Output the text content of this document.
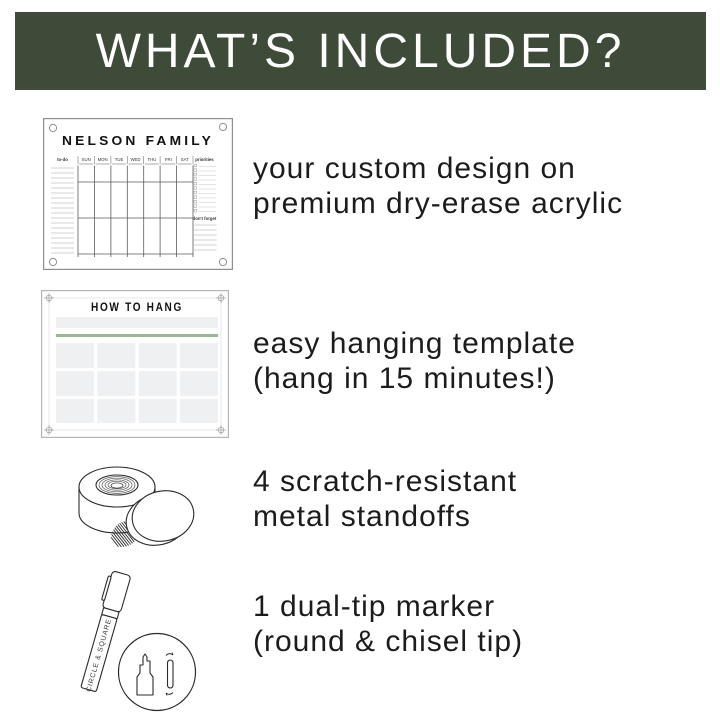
WHAT’S INCLUDED?
NELSON FAMILY
to-do	SUN MON TUE WED THU FRI SAT priorities
don't forget
HOW TO HANG
CIRCLE & SQUARE
your custom design on
premium dry-erase acrylic
easy hanging template
(hang in 15 minutes!)
4 scratch-resistant
metal standoffs
1 dual-tip marker
(round & chisel tip)
